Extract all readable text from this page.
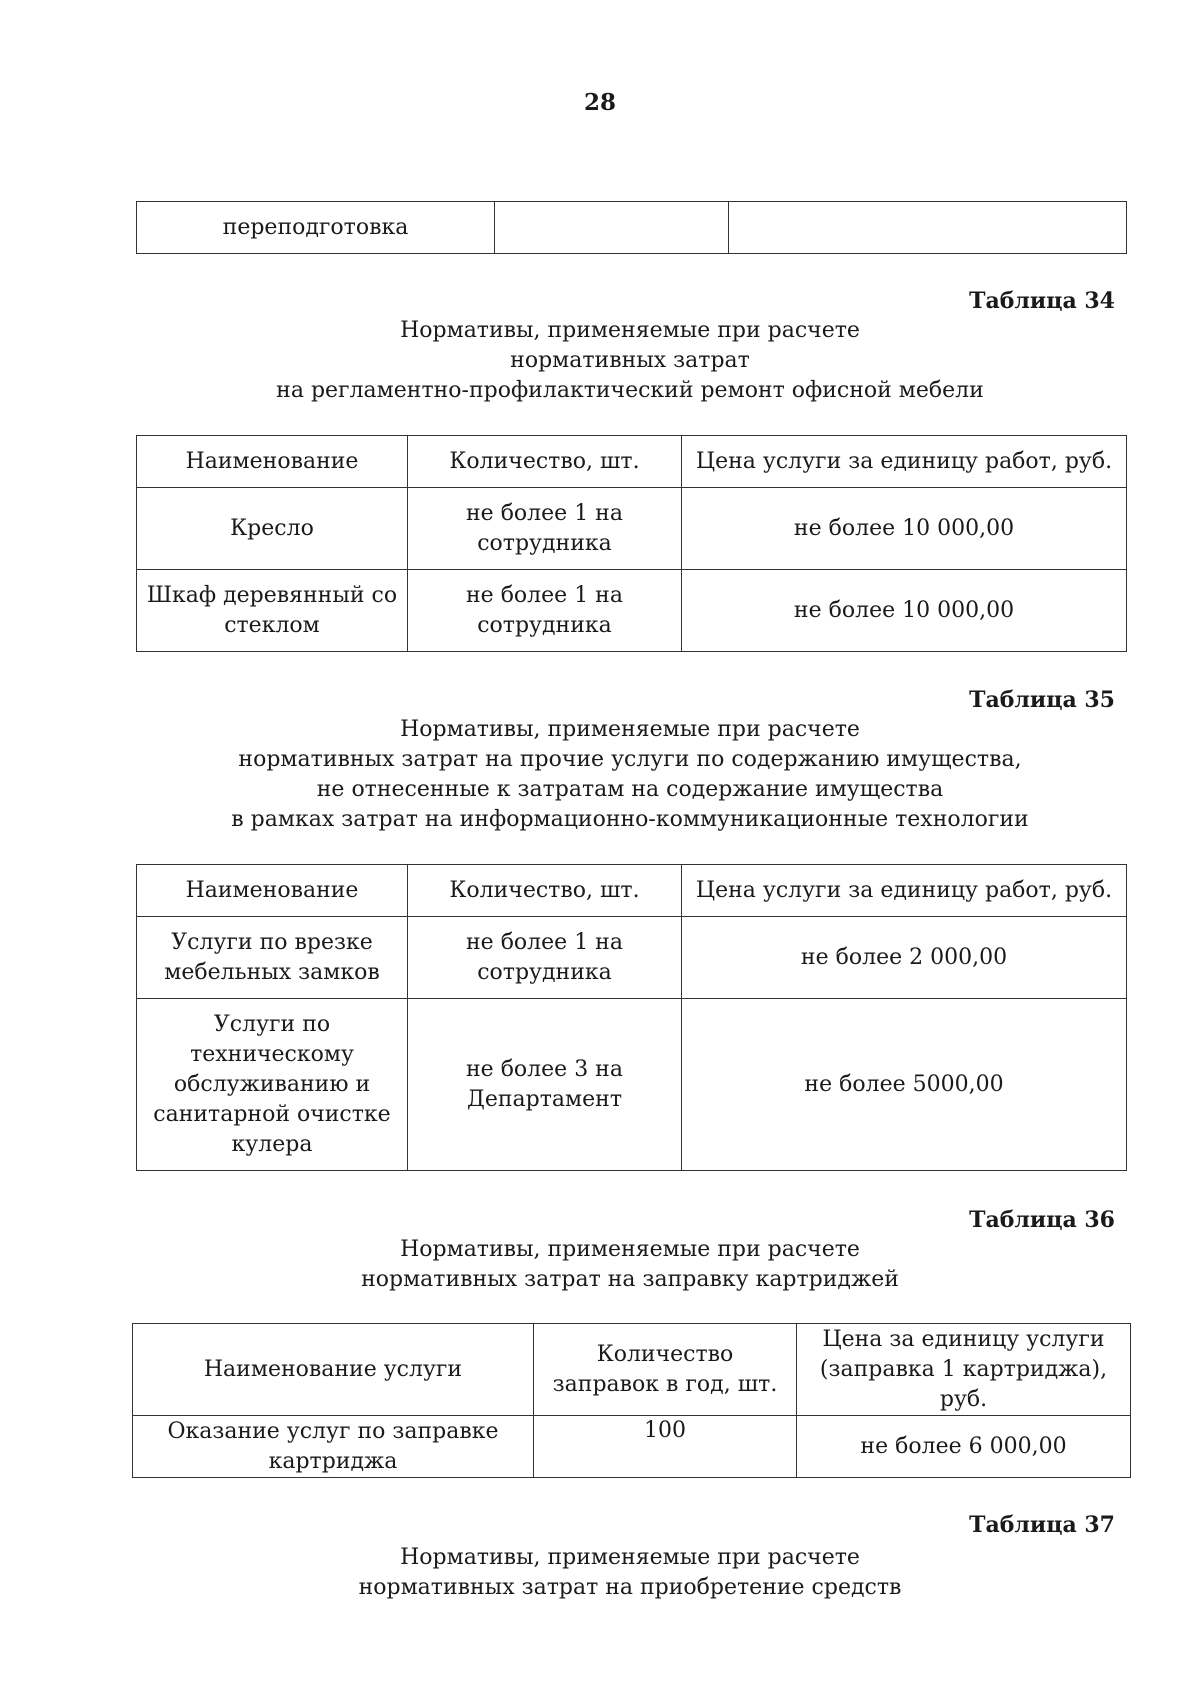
28
переподготовка		
Таблица 34
Нормативы, применяемые при расчете
нормативных затрат
на регламентно-профилактический ремонт офисной мебели
Наименование	Количество, шт.	Цена услуги за единицу работ, руб.
Кресло	не более 1 на сотрудника	не более 10 000,00
Шкаф деревянный со стеклом	не более 1 на сотрудника	не более 10 000,00
Таблица 35
Нормативы, применяемые при расчете
нормативных затрат на прочие услуги по содержанию имущества,
не отнесенные к затратам на содержание имущества
в рамках затрат на информационно-коммуникационные технологии
Наименование	Количество, шт.	Цена услуги за единицу работ, руб.
Услуги по врезке мебельных замков	не более 1 на сотрудника	не более 2 000,00
Услуги по техническому обслуживанию и санитарной очистке кулера	не более 3 на Департамент	не более 5000,00
Таблица 36
Нормативы, применяемые при расчете
нормативных затрат на заправку картриджей
Наименование услуги	Количество заправок в год, шт.	Цена за единицу услуги (заправка 1 картриджа), руб.
Оказание услуг по заправке картриджа	100	не более 6 000,00
Таблица 37
Нормативы, применяемые при расчете
нормативных затрат на приобретение средств
